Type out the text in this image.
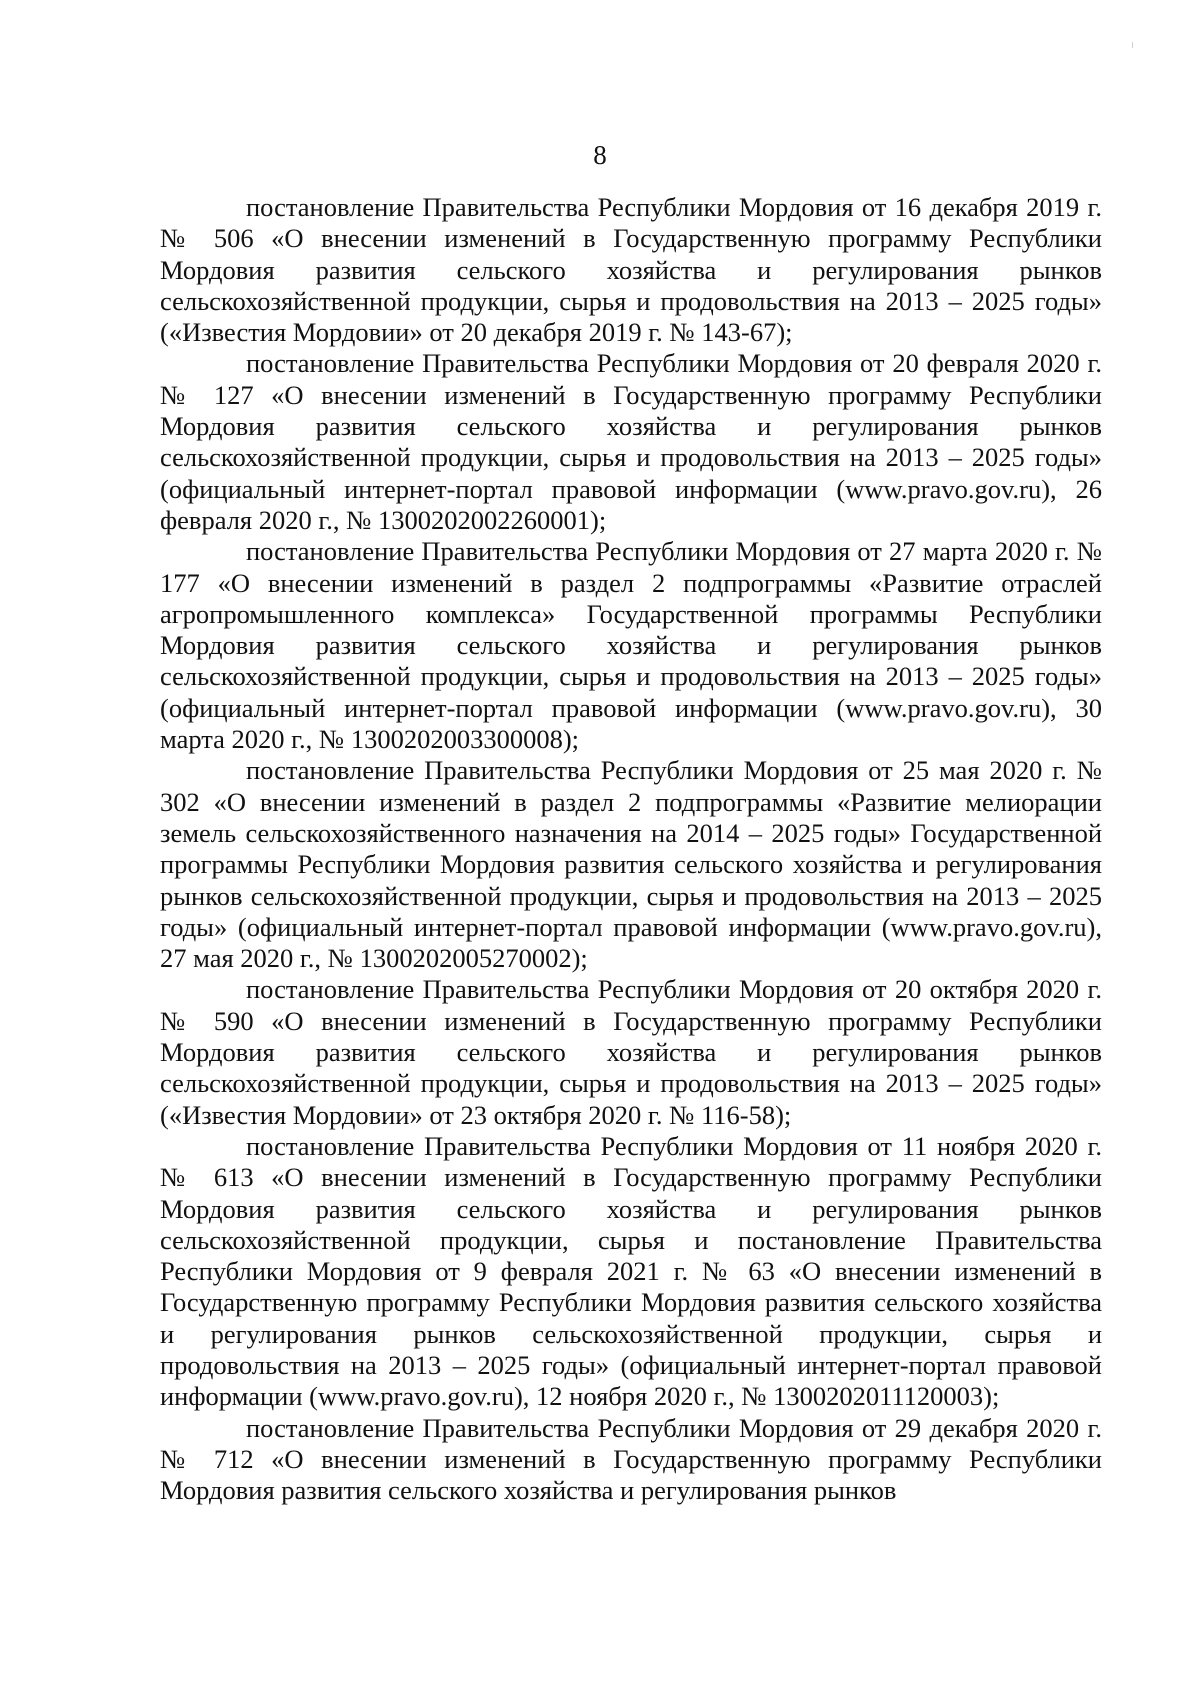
8

постановление Правительства Республики Мордовия от 16 декабря 2019 г. № 506 «О внесении изменений в Государственную программу Республики Мордовия развития сельского хозяйства и регулирования рынков сельскохозяйственной продукции, сырья и продовольствия на 2013 – 2025 годы» («Известия Мордовии» от 20 декабря 2019 г. № 143-67);

постановление Правительства Республики Мордовия от 20 февраля 2020 г. № 127 «О внесении изменений в Государственную программу Республики Мордовия развития сельского хозяйства и регулирования рынков сельскохозяйственной продукции, сырья и продовольствия на 2013 – 2025 годы» (официальный интернет-портал правовой информации (www.pravo.gov.ru), 26 февраля 2020 г., № 1300202002260001);

постановление Правительства Республики Мордовия от 27 марта 2020 г. № 177 «О внесении изменений в раздел 2 подпрограммы «Развитие отраслей агропромышленного комплекса» Государственной программы Республики Мордовия развития сельского хозяйства и регулирования рынков сельскохозяйственной продукции, сырья и продовольствия на 2013 – 2025 годы» (официальный интернет-портал правовой информации (www.pravo.gov.ru), 30 марта 2020 г., № 1300202003300008);

постановление Правительства Республики Мордовия от 25 мая 2020 г. № 302 «О внесении изменений в раздел 2 подпрограммы «Развитие мелиорации земель сельскохозяйственного назначения на 2014 – 2025 годы» Государственной программы Республики Мордовия развития сельского хозяйства и регулирования рынков сельскохозяйственной продукции, сырья и продовольствия на 2013 – 2025 годы» (официальный интернет-портал правовой информации (www.pravo.gov.ru), 27 мая 2020 г., № 1300202005270002);

постановление Правительства Республики Мордовия от 20 октября 2020 г. № 590 «О внесении изменений в Государственную программу Республики Мордовия развития сельского хозяйства и регулирования рынков сельскохозяйственной продукции, сырья и продовольствия на 2013 – 2025 годы» («Известия Мордовии» от 23 октября 2020 г. № 116-58);

постановление Правительства Республики Мордовия от 11 ноября 2020 г. № 613 «О внесении изменений в Государственную программу Республики Мордовия развития сельского хозяйства и регулирования рынков сельскохозяйственной продукции, сырья и постановление Правительства Республики Мордовия от 9 февраля 2021 г. № 63 «О внесении изменений в Государственную программу Республики Мордовия развития сельского хозяйства и регулирования рынков сельскохозяйственной продукции, сырья и продовольствия на 2013 – 2025 годы» (официальный интернет-портал правовой информации (www.pravo.gov.ru), 12 ноября 2020 г., № 1300202011120003);

постановление Правительства Республики Мордовия от 29 декабря 2020 г. № 712 «О внесении изменений в Государственную программу Республики Мордовия развития сельского хозяйства и регулирования рынков
